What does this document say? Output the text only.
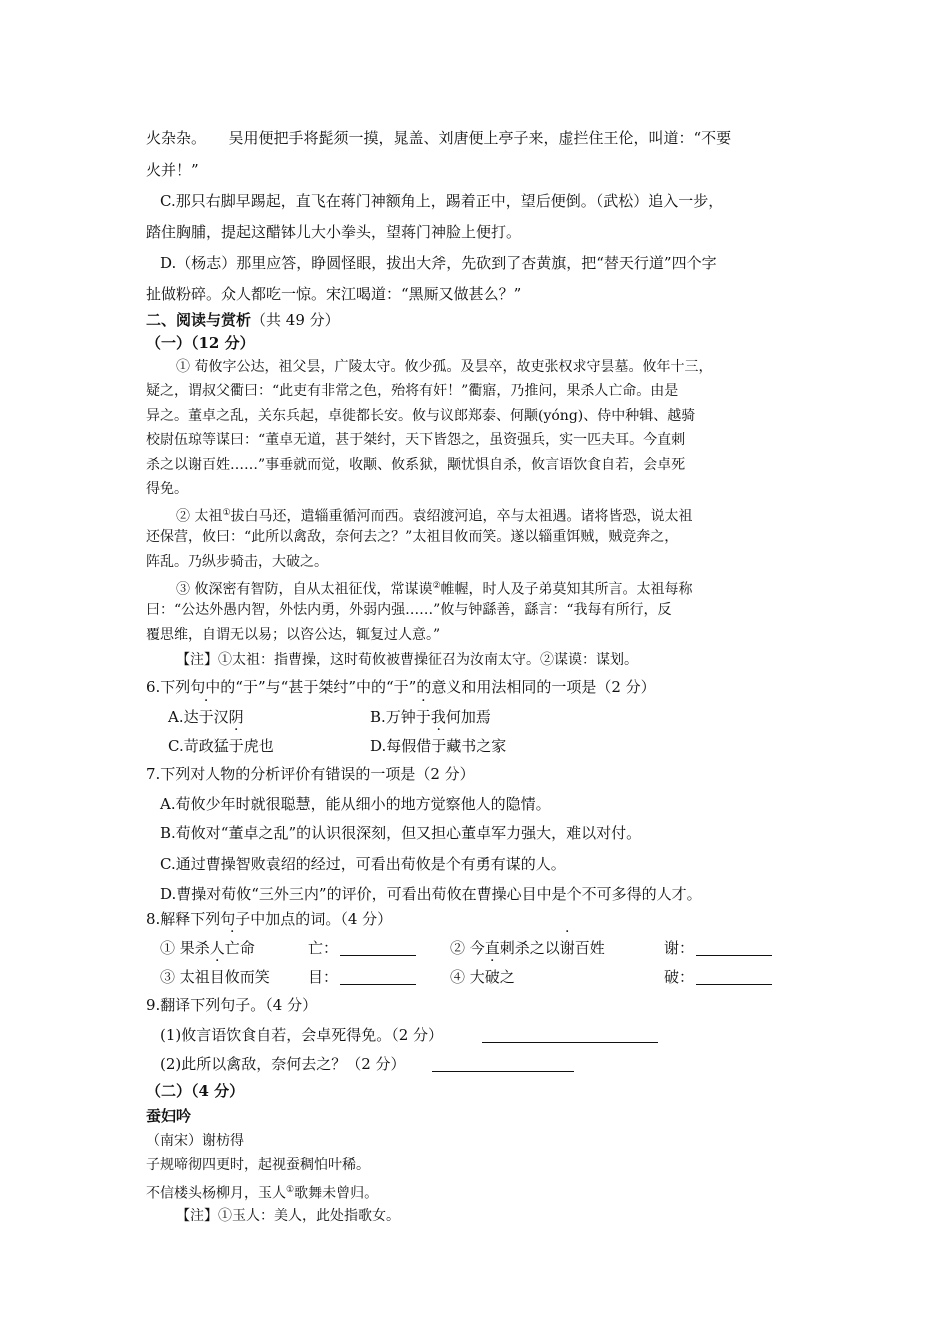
火杂杂。　　吴用便把手将髭须一摸，晁盖、刘唐便上亭子来，虚拦住王伦，叫道：“不要
火并！”
C.那只右脚早踢起，直飞在蒋门神额角上，踢着正中，望后便倒。（武松）追入一步，
踏住胸脯，提起这醋钵儿大小拳头，望蒋门神脸上便打。
D.（杨志）那里应答，睁圆怪眼，拔出大斧，先砍到了杏黄旗，把“替天行道”四个字
扯做粉碎。众人都吃一惊。宋江喝道：“黑厮又做甚么？”
二、阅读与赏析（共 49 分）
（一）（12 分）
① 荀攸字公达，祖父昙，广陵太守。攸少孤。及昙卒，故吏张权求守昙墓。攸年十三，
疑之，谓叔父衢曰：“此吏有非常之色，殆将有奸！”衢寤，乃推问，果杀人亡命。由是
异之。董卓之乱，关东兵起，卓徙都长安。攸与议郎郑泰、何颙(yóng)、侍中种辑、越骑
校尉伍琼等谋曰：“董卓无道，甚于桀纣，天下皆怨之，虽资强兵，实一匹夫耳。今直刺
杀之以谢百姓……”事垂就而觉，收颙、攸系狱，颙忧惧自杀，攸言语饮食自若，会卓死
得免。
② 太祖①拔白马还，遣辎重循河而西。袁绍渡河追，卒与太祖遇。诸将皆恐，说太祖
还保营，攸曰：“此所以禽敌，奈何去之？”太祖目攸而笑。遂以辎重饵贼，贼竞奔之，
阵乱。乃纵步骑击，大破之。
③ 攸深密有智防，自从太祖征伐，常谋谟②帷幄，时人及子弟莫知其所言。太祖每称
曰：“公达外愚内智，外怯内勇，外弱内强……”攸与钟繇善，繇言：“我每有所行，反
覆思维，自谓无以易；以咨公达，辄复过人意。”
【注】①太祖：指曹操，这时荀攸被曹操征召为汝南太守。②谋谟：谋划。
6.下列句中的“于”与“甚于桀纣”中的“于”的意义和用法相同的一项是（2 分）
A.达于汉阴	B.万钟于我何加焉
C.苛政猛于虎也	D.每假借于藏书之家
7.下列对人物的分析评价有错误的一项是（2 分）
A.荀攸少年时就很聪慧，能从细小的地方觉察他人的隐情。
B.荀攸对“董卓之乱”的认识很深刻，但又担心董卓军力强大，难以对付。
C.通过曹操智败袁绍的经过，可看出荀攸是个有勇有谋的人。
D.曹操对荀攸“三外三内”的评价，可看出荀攸在曹操心目中是个不可多得的人才。
8.解释下列句子中加点的词。（4 分）
① 果杀人亡命	亡：	② 今直刺杀之以谢百姓	谢：
③ 太祖目攸而笑	目：	④ 大破之	破：
9.翻译下列句子。（4 分）
(1)攸言语饮食自若，会卓死得免。（2 分）
(2)此所以禽敌，奈何去之？（2 分）
（二）（4 分）
蚕妇吟
（南宋）谢枋得
子规啼彻四更时，起视蚕稠怕叶稀。
不信楼头杨柳月，玉人①歌舞未曾归。
【注】①玉人：美人，此处指歌女。
